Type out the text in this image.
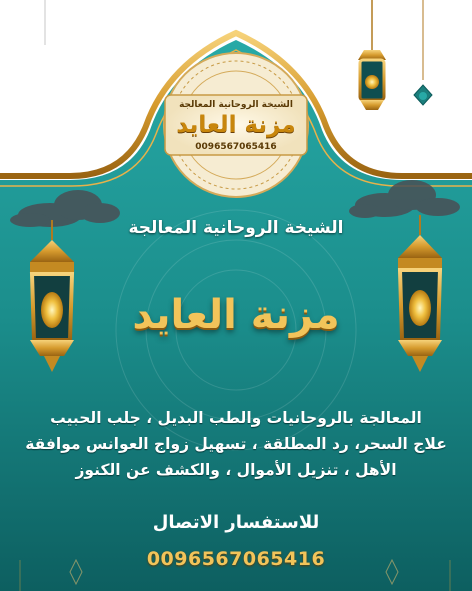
الشيخة الروحانية المعالجة
مزنة العايد
0096567065416
الشيخة الروحانية المعالجة
مزنة العايد

المعالجة بالروحانيات والطب البديل ، جلب الحبيب

علاج السحر، رد المطلقة ، تسهيل زواج العوانس موافقة

الأهل ، تنزيل الأموال ، والكشف عن الكنوز

للاستفسار الاتصال
0096567065416
